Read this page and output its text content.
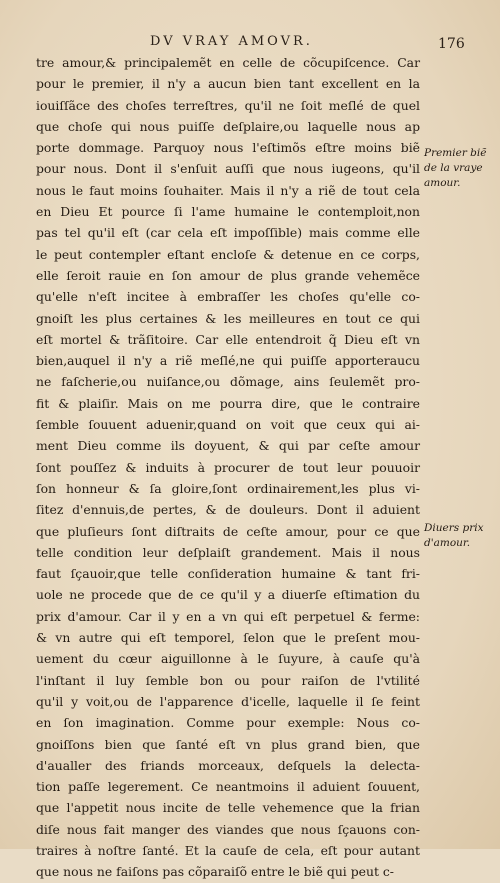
DV VRAY AMOVR.	176
tre amour,& principalemẽt en celle de cõcupiſcence. Car
pour le premier, il n'y a aucun bien tant excellent en la
iouiſſãce des choſes terreſtres, qu'il ne ſoit meſlé de quel
que choſe qui nous puiſſe deſplaire,ou laquelle nous ap
porte dommage. Parquoy nous l'eſtimõs eſtre moins biẽ
pour nous. Dont il s'enſuit auſſi que nous iugeons, qu'il
nous le faut moins ſouhaiter. Mais il n'y a riẽ de tout cela
en Dieu Et pource ſi l'ame humaine le contemploit,non
pas tel qu'il eſt (car cela eſt impoſſible) mais comme elle
le peut contempler eſtant encloſe & detenue en ce corps,
elle ſeroit rauie en ſon amour de plus grande vehemẽce
qu'elle n'eſt incitee à embraſſer les choſes qu'elle co-
gnoiſt les plus certaines & les meilleures en tout ce qui
eſt mortel & trãſitoire. Car elle entendroit q̃ Dieu eſt vn
bien,auquel il n'y a riẽ meſlé,ne qui puiſſe apporteraucu
ne faſcherie,ou nuiſance,ou dõmage, ains ſeulemẽt pro-
fit & plaiſir. Mais on me pourra dire, que le contraire
ſemble ſouuent aduenir,quand on voit que ceux qui ai-
ment Dieu comme ils doyuent, & qui par ceſte amour
ſont pouſſez & induits à procurer de tout leur pouuoir
ſon honneur & ſa gloire,ſont ordinairement,les plus vi-
ſitez d'ennuis,de pertes, & de douleurs. Dont il aduient
que pluſieurs ſont diſtraits de ceſte amour, pour ce que
telle condition leur deſplaiſt grandement. Mais il nous
faut ſçauoir,que telle conſideration humaine & tant fri-
uole ne procede que de ce qu'il y a diuerſe eſtimation du
prix d'amour. Car il y en a vn qui eſt perpetuel & ferme:
& vn autre qui eſt temporel, ſelon que le preſent mou-
uement du cœur aiguillonne à le ſuyure, à cauſe qu'à
l'inſtant il luy ſemble bon ou pour raiſon de l'vtilité
qu'il y voit,ou de l'apparence d'icelle, laquelle il ſe feint
en ſon imagination. Comme pour exemple: Nous co-
gnoiſſons bien que ſanté eſt vn plus grand bien, que
d'aualler des friands morceaux, deſquels la delecta-
tion paſſe legerement. Ce neantmoins il aduient ſouuent,
que l'appetit nous incite de telle vehemence que la frian
diſe nous fait manger des viandes que nous ſçauons con-
traires à noſtre ſanté. Et la cauſe de cela, eſt pour autant
que nous ne faiſons pas cõparaiſõ entre le biẽ qui peut c-
Premier biẽ
de la vraye
amour.
Diuers prix
d'amour.
